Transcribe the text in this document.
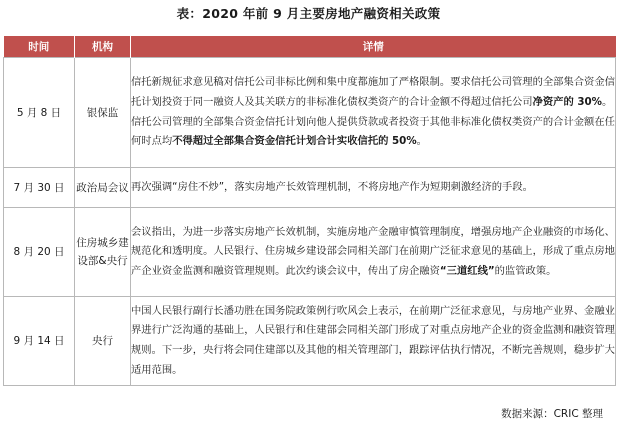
表：2020 年前 9 月主要房地产融资相关政策
时间	机构	详情
5 月 8 日	银保监	信托新规征求意见稿对信托公司非标比例和集中度都施加了严格限制。要求信托公司管理的全部集合资金信托计划投资于同一融资人及其关联方的非标准化债权类资产的合计金额不得超过信托公司净资产的 30%。信托公司管理的全部集合资金信托计划向他人提供贷款或者投资于其他非标准化债权类资产的合计金额在任何时点均不得超过全部集合资金信托计划合计实收信托的 50%。
7 月 30 日	政治局会议	再次强调“房住不炒”，落实房地产长效管理机制，不将房地产作为短期刺激经济的手段。
8 月 20 日	住房城乡建设部&央行	会议指出，为进一步落实房地产长效机制，实施房地产金融审慎管理制度，增强房地产企业融资的市场化、规范化和透明度。人民银行、住房城乡建设部会同相关部门在前期广泛征求意见的基础上，形成了重点房地产企业资金监测和融资管理规则。此次约谈会议中，传出了房企融资“三道红线”的监管政策。
9 月 14 日	央行	中国人民银行副行长潘功胜在国务院政策例行吹风会上表示，在前期广泛征求意见，与房地产业界、金融业界进行广泛沟通的基础上，人民银行和住建部会同相关部门形成了对重点房地产企业的资金监测和融资管理规则。下一步，央行将会同住建部以及其他的相关管理部门，跟踪评估执行情况，不断完善规则，稳步扩大适用范围。
数据来源：CRIC 整理
